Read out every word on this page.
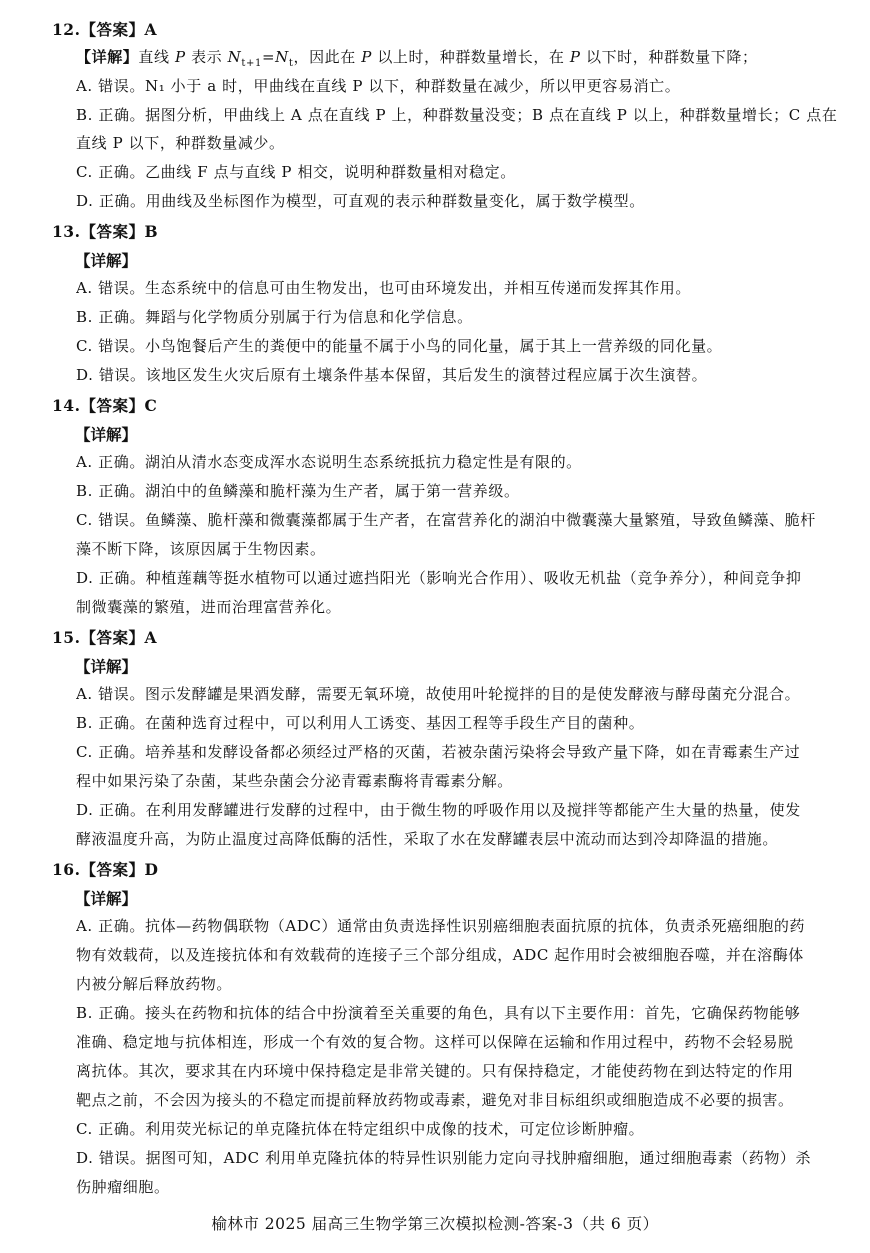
12.【答案】A
【详解】直线 P 表示 $N_{t+1}=N_t$，因此在 P 以上时，种群数量增长，在 P 以下时，种群数量下降；
A. 错误。N₁ 小于 a 时，甲曲线在直线 P 以下，种群数量在减少，所以甲更容易消亡。
B. 正确。据图分析，甲曲线上 A 点在直线 P 上，种群数量没变；B 点在直线 P 以上，种群数量增长；C 点在
直线 P 以下，种群数量减少。
C. 正确。乙曲线 F 点与直线 P 相交，说明种群数量相对稳定。
D. 正确。用曲线及坐标图作为模型，可直观的表示种群数量变化，属于数学模型。
13.【答案】B
【详解】
A. 错误。生态系统中的信息可由生物发出，也可由环境发出，并相互传递而发挥其作用。
B. 正确。舞蹈与化学物质分别属于行为信息和化学信息。
C. 错误。小鸟饱餐后产生的粪便中的能量不属于小鸟的同化量，属于其上一营养级的同化量。
D. 错误。该地区发生火灾后原有土壤条件基本保留，其后发生的演替过程应属于次生演替。
14.【答案】C
【详解】
A. 正确。湖泊从清水态变成浑水态说明生态系统抵抗力稳定性是有限的。
B. 正确。湖泊中的鱼鳞藻和脆杆藻为生产者，属于第一营养级。
C. 错误。鱼鳞藻、脆杆藻和微囊藻都属于生产者，在富营养化的湖泊中微囊藻大量繁殖，导致鱼鳞藻、脆杆
藻不断下降，该原因属于生物因素。
D. 正确。种植莲藕等挺水植物可以通过遮挡阳光（影响光合作用）、吸收无机盐（竞争养分），种间竞争抑
制微囊藻的繁殖，进而治理富营养化。
15.【答案】A
【详解】
A. 错误。图示发酵罐是果酒发酵，需要无氧环境，故使用叶轮搅拌的目的是使发酵液与酵母菌充分混合。
B. 正确。在菌种选育过程中，可以利用人工诱变、基因工程等手段生产目的菌种。
C. 正确。培养基和发酵设备都必须经过严格的灭菌，若被杂菌污染将会导致产量下降，如在青霉素生产过
程中如果污染了杂菌，某些杂菌会分泌青霉素酶将青霉素分解。
D. 正确。在利用发酵罐进行发酵的过程中，由于微生物的呼吸作用以及搅拌等都能产生大量的热量，使发
酵液温度升高，为防止温度过高降低酶的活性，采取了水在发酵罐表层中流动而达到冷却降温的措施。
16.【答案】D
【详解】
A. 正确。抗体—药物偶联物（ADC）通常由负责选择性识别癌细胞表面抗原的抗体，负责杀死癌细胞的药
物有效载荷，以及连接抗体和有效载荷的连接子三个部分组成，ADC 起作用时会被细胞吞噬，并在溶酶体
内被分解后释放药物。
B. 正确。接头在药物和抗体的结合中扮演着至关重要的角色，具有以下主要作用：首先，它确保药物能够
准确、稳定地与抗体相连，形成一个有效的复合物。这样可以保障在运输和作用过程中，药物不会轻易脱
离抗体。其次，要求其在内环境中保持稳定是非常关键的。只有保持稳定，才能使药物在到达特定的作用
靶点之前，不会因为接头的不稳定而提前释放药物或毒素，避免对非目标组织或细胞造成不必要的损害。
C. 正确。利用荧光标记的单克隆抗体在特定组织中成像的技术，可定位诊断肿瘤。
D. 错误。据图可知，ADC 利用单克隆抗体的特异性识别能力定向寻找肿瘤细胞，通过细胞毒素（药物）杀
伤肿瘤细胞。
榆林市 2025 届高三生物学第三次模拟检测-答案-3（共 6 页）
